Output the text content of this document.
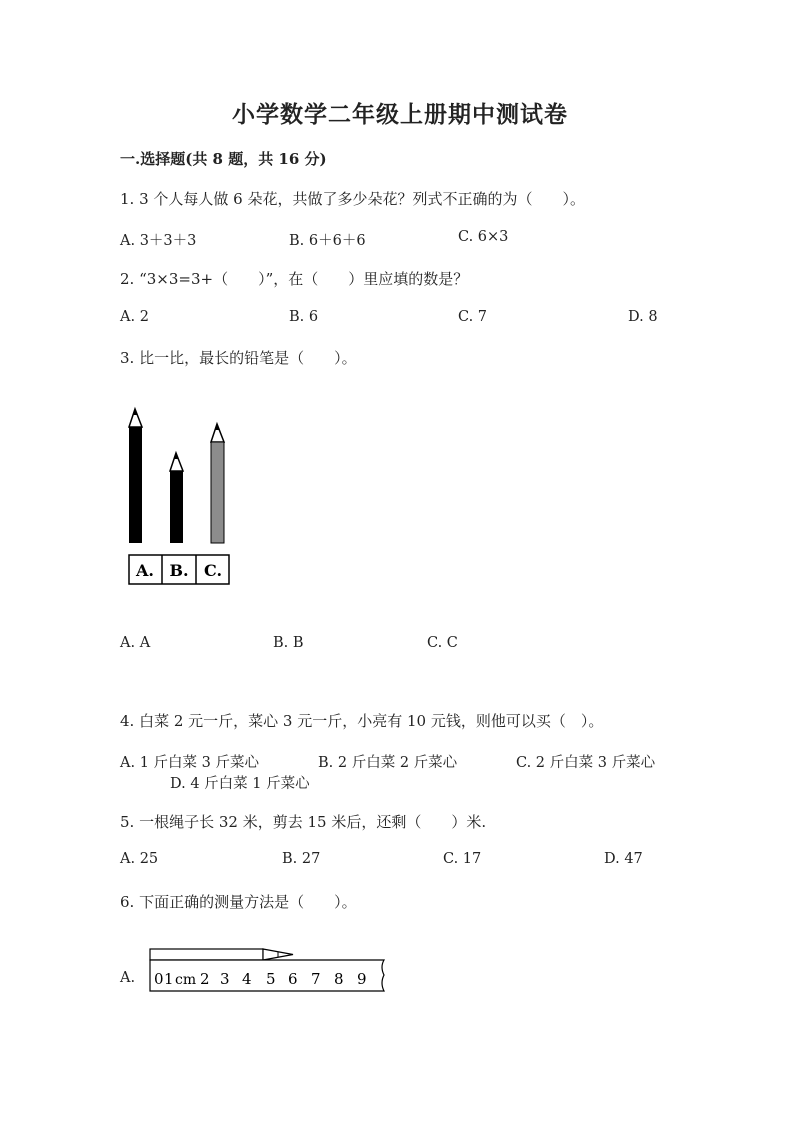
小学数学二年级上册期中测试卷
一.选择题(共 8 题，共 16 分)
1. 3 个人每人做 6 朵花，共做了多少朵花？列式不正确的为（　　）。
A. 3＋3＋3	B. 6＋6＋6	C. 6×3
2. “3×3=3+（　　）”，在（　　）里应填的数是？
A. 2	B. 6	C. 7	D. 8
3. 比一比，最长的铅笔是（　　）。
A. B. C.
A. A	B. B	C. C
4. 白菜 2 元一斤，菜心 3 元一斤，小亮有 10 元钱，则他可以买（　）。
A. 1 斤白菜 3 斤菜心	B. 2 斤白菜 2 斤菜心	C. 2 斤白菜 3 斤菜心
D. 4 斤白菜 1 斤菜心
5. 一根绳子长 32 米，剪去 15 米后，还剩（　　）米.
A. 25	B. 27	C. 17	D. 47
6. 下面正确的测量方法是（　　）。
A. 0 1 cm 2 3 4 5 6 7 8 9
